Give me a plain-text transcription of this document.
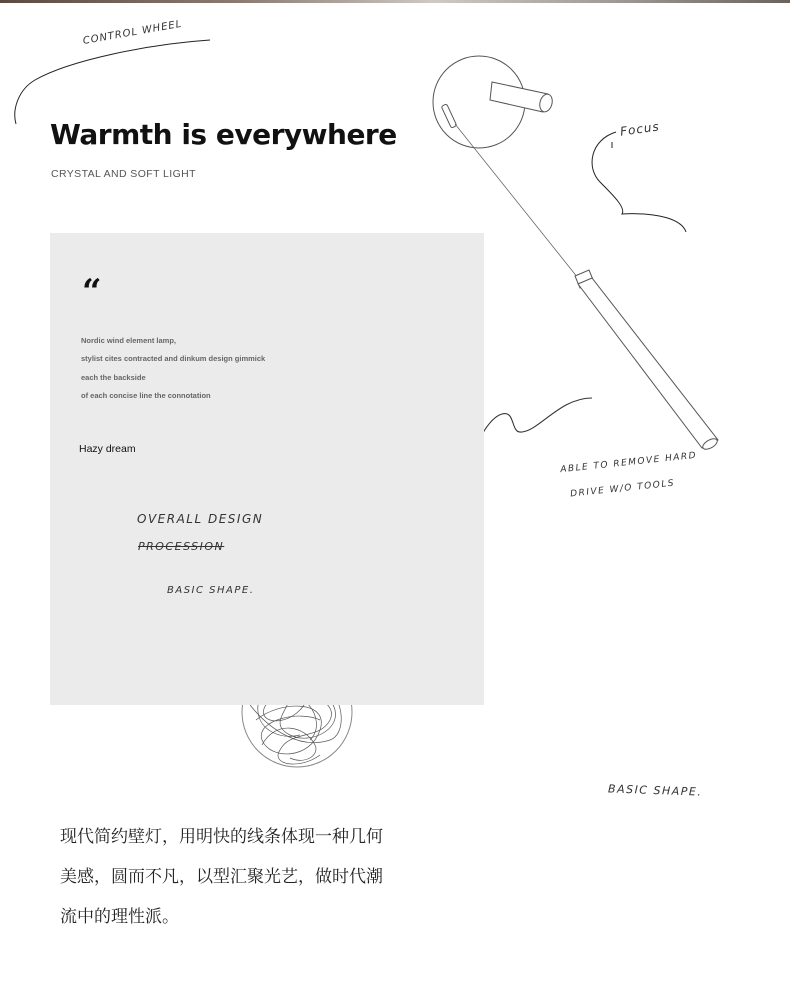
CONTROL WHEEL
Focus
Warmth is everywhere
CRYSTAL AND SOFT LIGHT
“
Nordic wind element lamp,
stylist cites contracted and dinkum design gimmick
each the backside
of each concise line the connotation
Hazy dream
ABLE TO REMOVE HARD
DRIVE W/O TOOLS
OVERALL DESIGN
PROCESSION
BASIC SHAPE.
BASIC SHAPE.
现代简约壁灯，用明快的线条体现一种几何
美感，圆而不凡，以型汇聚光艺，做时代潮
流中的理性派。
